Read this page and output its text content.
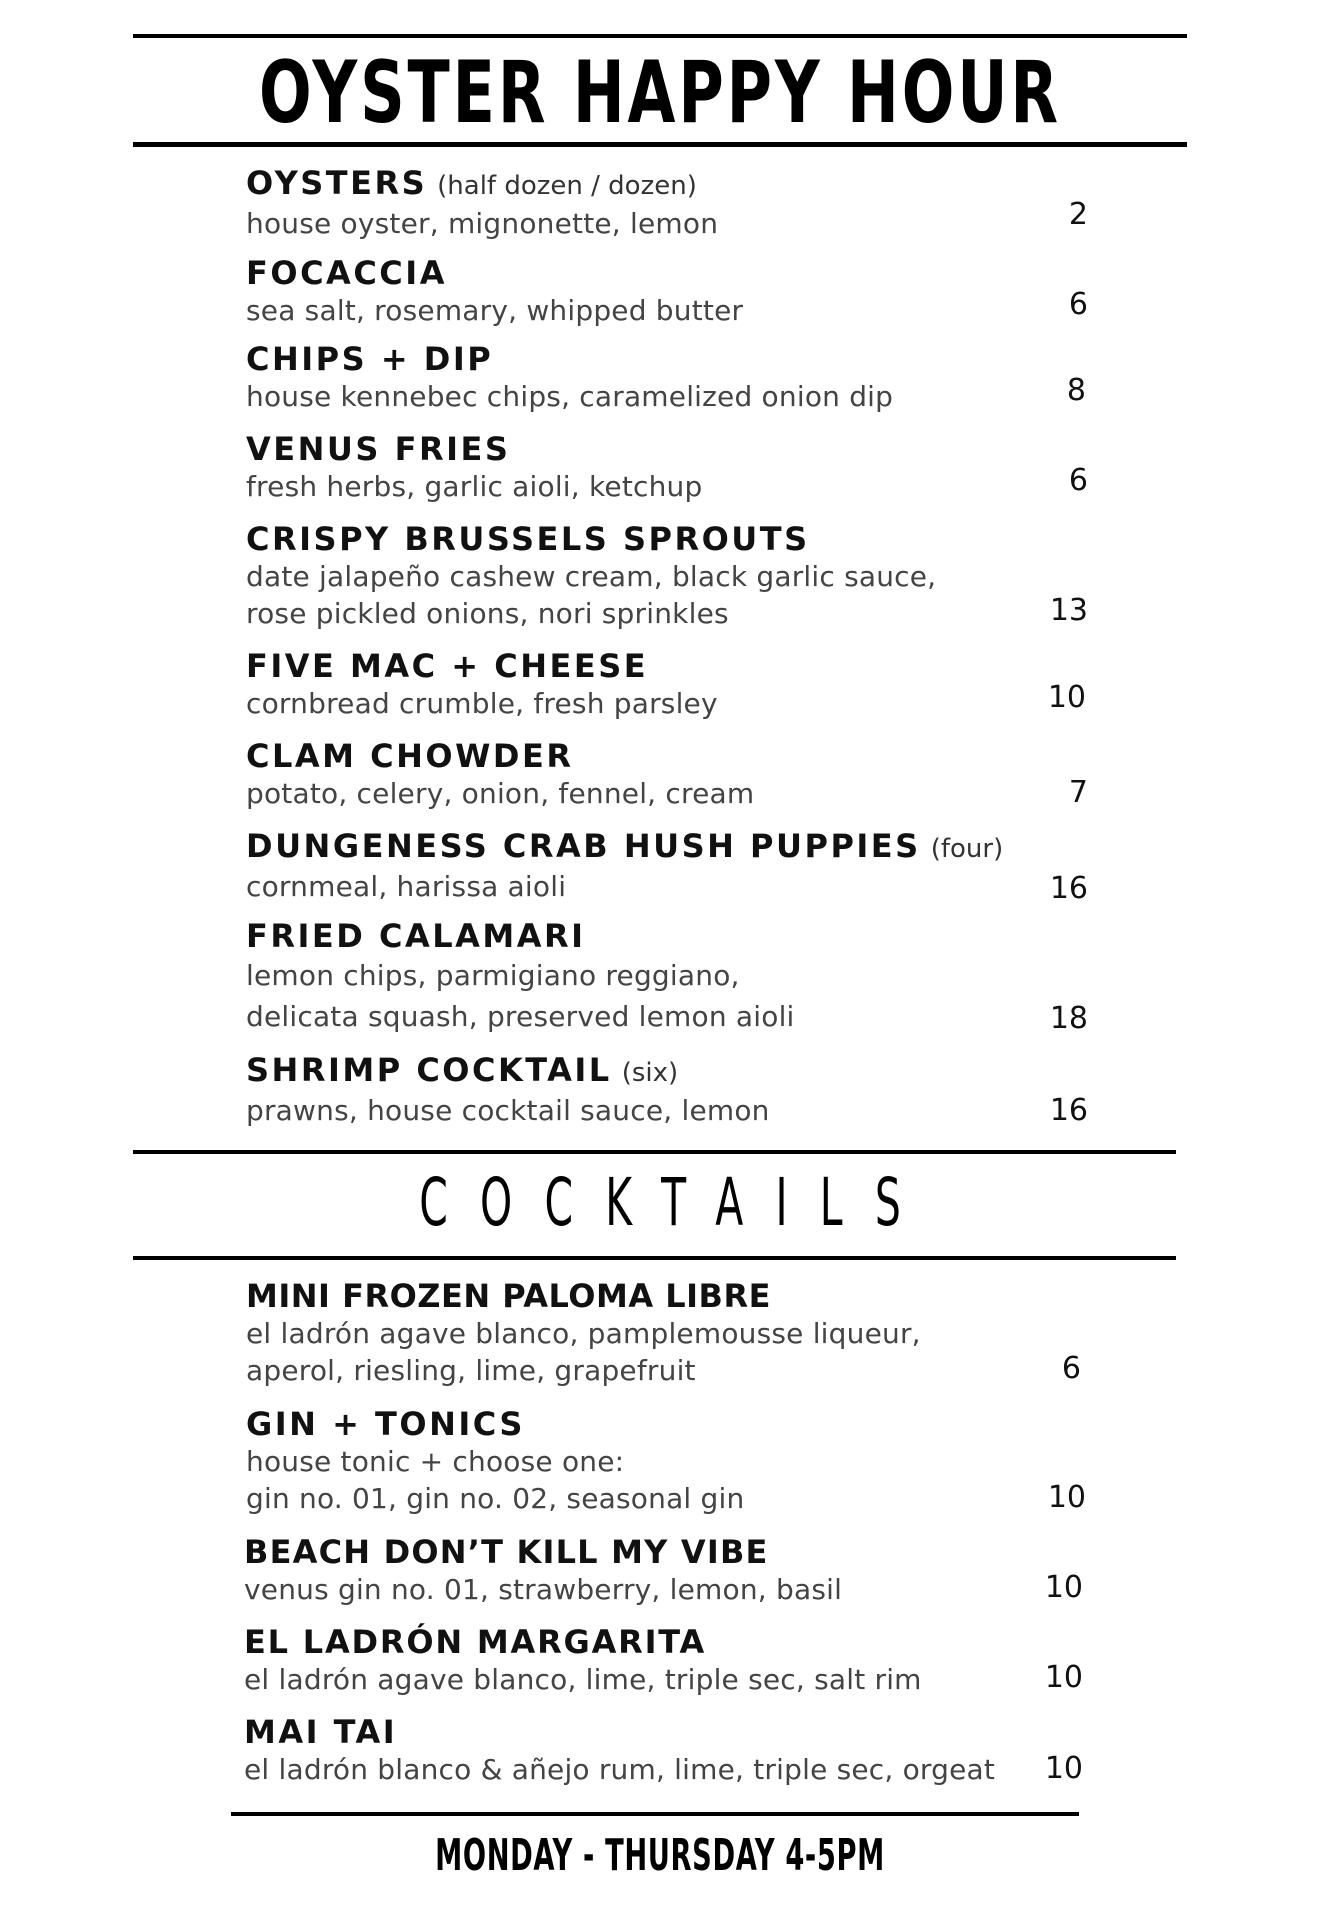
OYSTER HAPPY HOUR
COCKTAILS
MONDAY - THURSDAY 4-5PM
OYSTERS (half dozen / dozen)
house oyster, mignonette, lemon	2
FOCACCIA
sea salt, rosemary, whipped butter	6
CHIPS + DIP
house kennebec chips, caramelized onion dip	8
VENUS FRIES
fresh herbs, garlic aioli, ketchup	6
CRISPY BRUSSELS SPROUTS
date jalapeño cashew cream, black garlic sauce,
rose pickled onions, nori sprinkles	13
FIVE MAC + CHEESE
cornbread crumble, fresh parsley	10
CLAM CHOWDER
potato, celery, onion, fennel, cream	7
DUNGENESS CRAB HUSH PUPPIES (four)
cornmeal, harissa aioli	16
FRIED CALAMARI
lemon chips, parmigiano reggiano,
delicata squash, preserved lemon aioli	18
SHRIMP COCKTAIL (six)
prawns, house cocktail sauce, lemon	16
MINI FROZEN PALOMA LIBRE
el ladrón agave blanco, pamplemousse liqueur,
aperol, riesling, lime, grapefruit	6
GIN + TONICS
house tonic + choose one:
gin no. 01, gin no. 02, seasonal gin	10
BEACH DON’T KILL MY VIBE
venus gin no. 01, strawberry, lemon, basil	10
EL LADRÓN MARGARITA
el ladrón agave blanco, lime, triple sec, salt rim	10
MAI TAI
el ladrón blanco & añejo rum, lime, triple sec, orgeat	10
